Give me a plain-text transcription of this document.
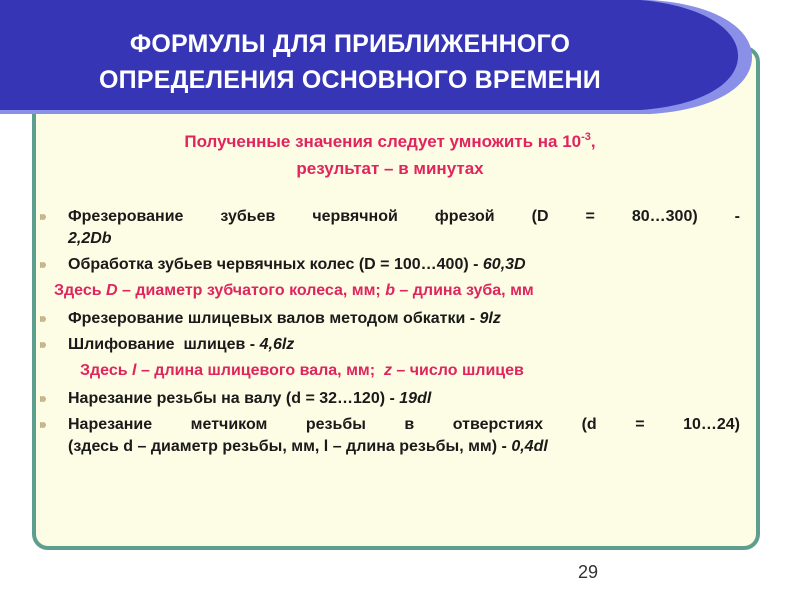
ФОРМУЛЫ ДЛЯ ПРИБЛИЖЕННОГО
ОПРЕДЕЛЕНИЯ ОСНОВНОГО ВРЕМЕНИ
Полученные значения следует умножить на $10^{-3}$,
результат – в минутах
Фрезерование зубьев червячной фрезой (D = 80…300) -
2,2Db
Обработка зубьев червячных колес (D = 100…400) - 60,3D
Здесь D – диаметр зубчатого колеса, мм; b – длина зуба, мм
Фрезерование шлицевых валов методом обкатки - 9lz
Шлифование  шлицев - 4,6lz
Здесь l – длина шлицевого вала, мм;  z – число шлицев
Нарезание резьбы на валу (d = 32…120) - 19dl
Нарезание метчиком резьбы в отверстиях (d = 10…24)
(здесь d – диаметр резьбы, мм, l – длина резьбы, мм) - 0,4dl
29
